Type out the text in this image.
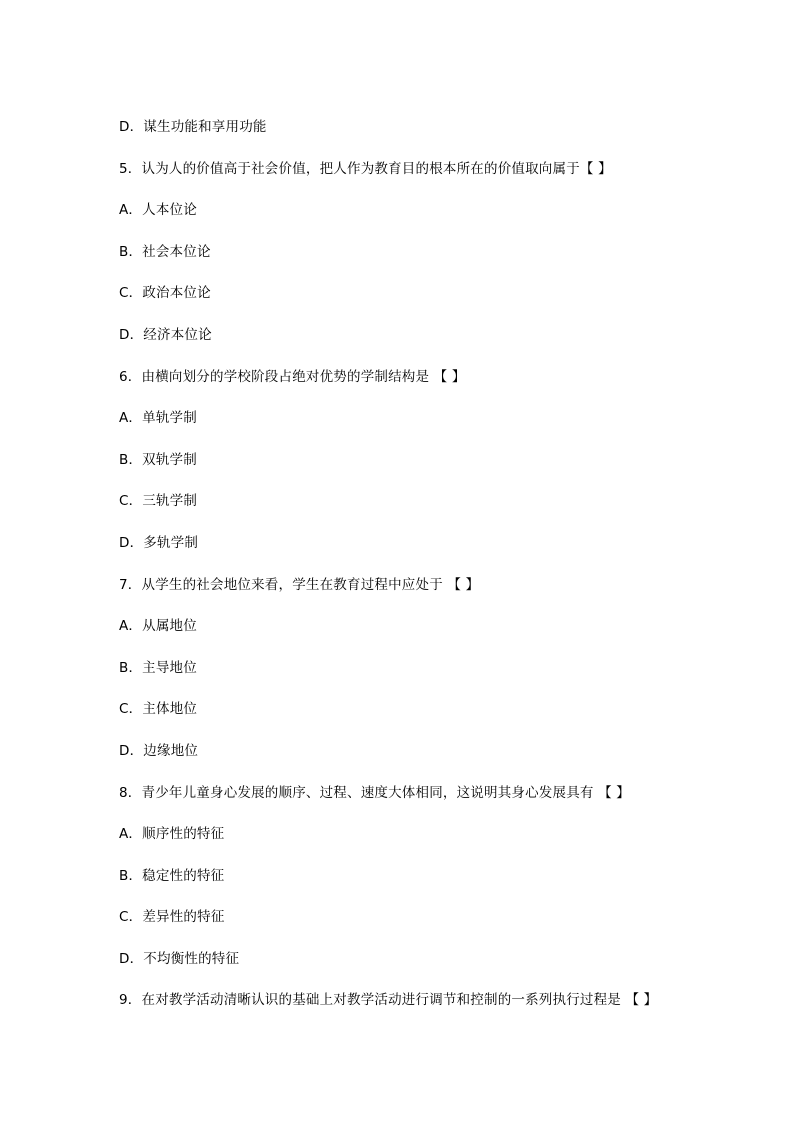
D．谋生功能和享用功能
5．认为人的价值高于社会价值，把人作为教育目的根本所在的价值取向属于【 】
A．人本位论
B．社会本位论
C．政治本位论
D．经济本位论
6．由横向划分的学校阶段占绝对优势的学制结构是 【 】
A．单轨学制
B．双轨学制
C．三轨学制
D．多轨学制
7．从学生的社会地位来看，学生在教育过程中应处于 【 】
A．从属地位
B．主导地位
C．主体地位
D．边缘地位
8．青少年儿童身心发展的顺序、过程、速度大体相同，这说明其身心发展具有 【 】
A．顺序性的特征
B．稳定性的特征
C．差异性的特征
D．不均衡性的特征
9．在对教学活动清晰认识的基础上对教学活动进行调节和控制的一系列执行过程是 【 】
